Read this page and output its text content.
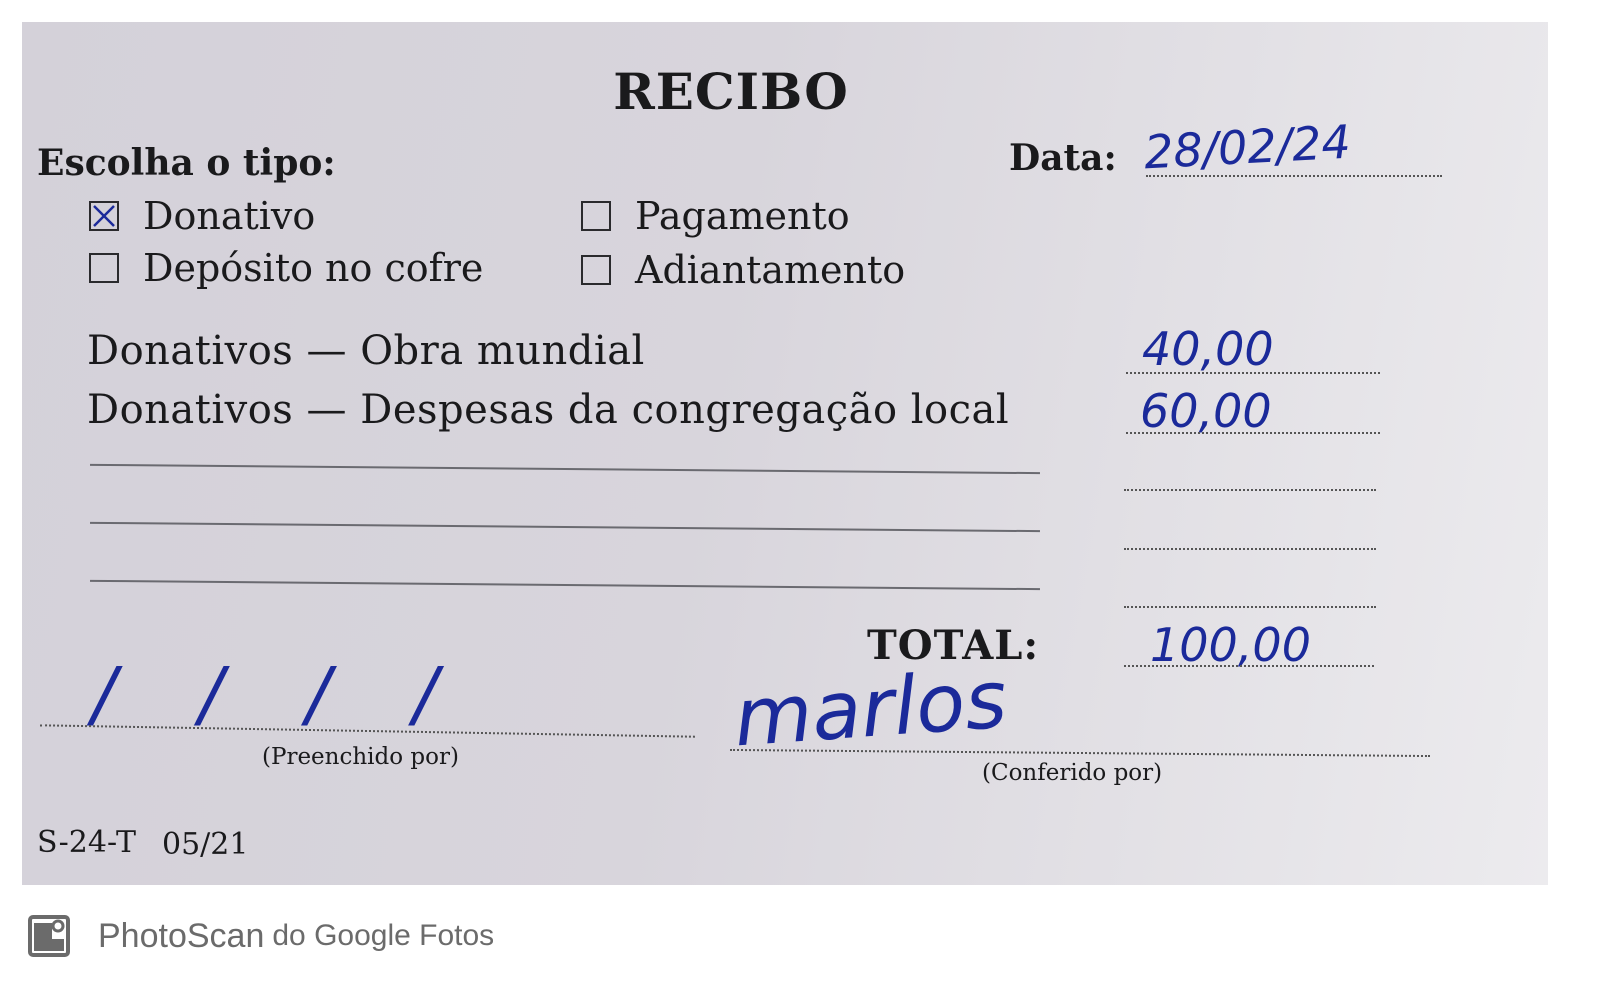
RECIBO
Escolha o tipo:	Data: 28/02/24
Donativo	Pagamento
Depósito no cofre	Adiantamento
Donativos — Obra mundial	40,00
Donativos — Despesas da congregação local	60,00
TOTAL: 100,00
/ / / /
(Preenchido por)	marlos
(Conferido por)
S-24-T 05/21
PhotoScan do Google Fotos
